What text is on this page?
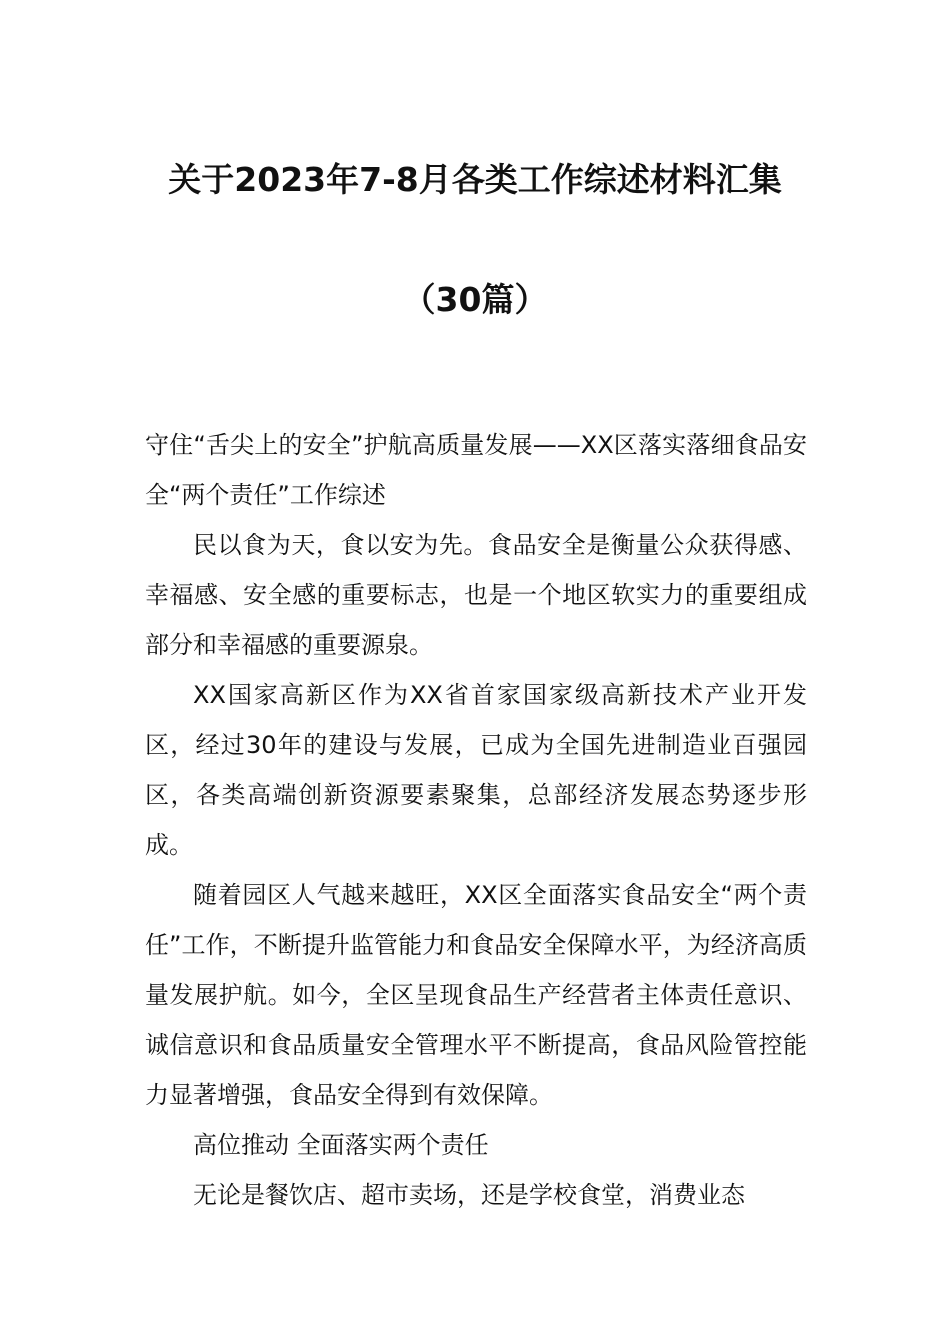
关于2023年7-8月各类工作综述材料汇集
（30篇）

守住“舌尖上的安全”护航高质量发展——XX区落实落细食品安全“两个责任”工作综述

民以食为天，食以安为先。食品安全是衡量公众获得感、幸福感、安全感的重要标志，也是一个地区软实力的重要组成部分和幸福感的重要源泉。

XX国家高新区作为XX省首家国家级高新技术产业开发区，经过30年的建设与发展，已成为全国先进制造业百强园区，各类高端创新资源要素聚集，总部经济发展态势逐步形成。

随着园区人气越来越旺，XX区全面落实食品安全“两个责任”工作，不断提升监管能力和食品安全保障水平，为经济高质量发展护航。如今，全区呈现食品生产经营者主体责任意识、诚信意识和食品质量安全管理水平不断提高，食品风险管控能力显著增强，食品安全得到有效保障。

高位推动 全面落实两个责任

无论是餐饮店、超市卖场，还是学校食堂，消费业态
